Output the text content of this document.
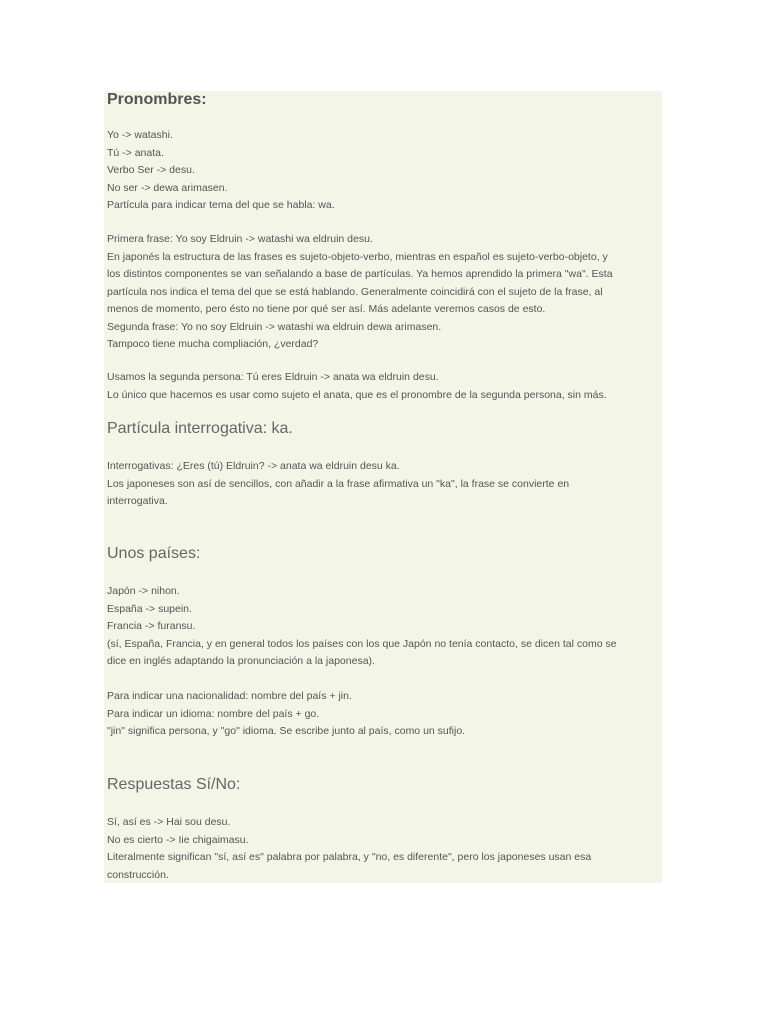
Pronombres:
Yo -> watashi.
Tú -> anata.
Verbo Ser -> desu.
No ser -> dewa arimasen.
Partícula para indicar tema del que se habla: wa.
Primera frase: Yo soy Eldruin -> watashi wa eldruin desu.
En japonés la estructura de las frases es sujeto-objeto-verbo, mientras en español es sujeto-verbo-objeto, y
los distintos componentes se van señalando a base de partículas. Ya hemos aprendido la primera "wa". Esta
partícula nos indica el tema del que se está hablando. Generalmente coincidirá con el sujeto de la frase, al
menos de momento, pero ésto no tiene por qué ser así. Más adelante veremos casos de esto.
Segunda frase: Yo no soy Eldruin -> watashi wa eldruin dewa arimasen.
Tampoco tiene mucha compliación, ¿verdad?
Usamos la segunda persona: Tú eres Eldruin -> anata wa eldruin desu.
Lo único que hacemos es usar como sujeto el anata, que es el pronombre de la segunda persona, sin más.
Partícula interrogativa: ka.
Interrogativas: ¿Eres (tú) Eldruin? -> anata wa eldruin desu ka.
Los japoneses son así de sencillos, con añadir a la frase afirmativa un "ka", la frase se convierte en
interrogativa.
Unos países:
Japón -> nihon.
España -> supein.
Francia -> furansu.
(sí, España, Francia, y en general todos los países con los que Japón no tenía contacto, se dicen tal como se
dice en inglés adaptando la pronunciación a la japonesa).
Para indicar una nacionalidad: nombre del país + jin.
Para indicar un idioma: nombre del país + go.
"jin" significa persona, y "go" idioma. Se escribe junto al país, como un sufijo.
Respuestas Sí/No:
Sí, así es -> Hai sou desu.
No es cierto -> Iie chigaimasu.
Literalmente significan "sí, así es" palabra por palabra, y "no, es diferente", pero los japoneses usan esa
construcción.
